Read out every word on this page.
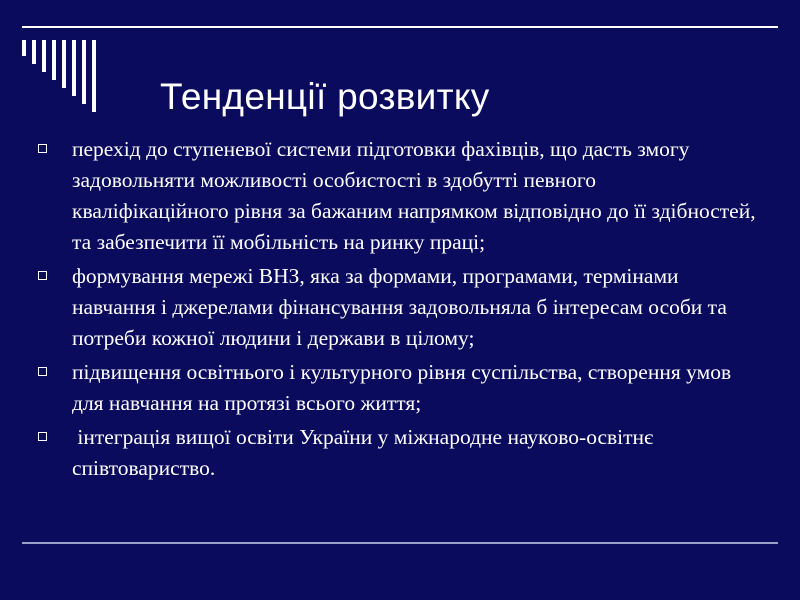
Тенденції розвитку
перехід до ступеневої системи підготовки фахівців, що дасть змогу задовольняти можливості особистості в здобутті певного кваліфікаційного рівня за бажаним напрямком відповідно до її здібностей, та забезпечити її мобільність на ринку праці;
формування мережі ВНЗ, яка за формами, програмами, термінами навчання і джерелами фінансування задовольняла б інтересам особи та потреби кожної людини і держави в цілому;
підвищення освітнього і культурного рівня суспільства, створення умов для навчання на протязі всього життя;
інтеграція вищої освіти України у міжнародне науково-освітнє співтовариство.
